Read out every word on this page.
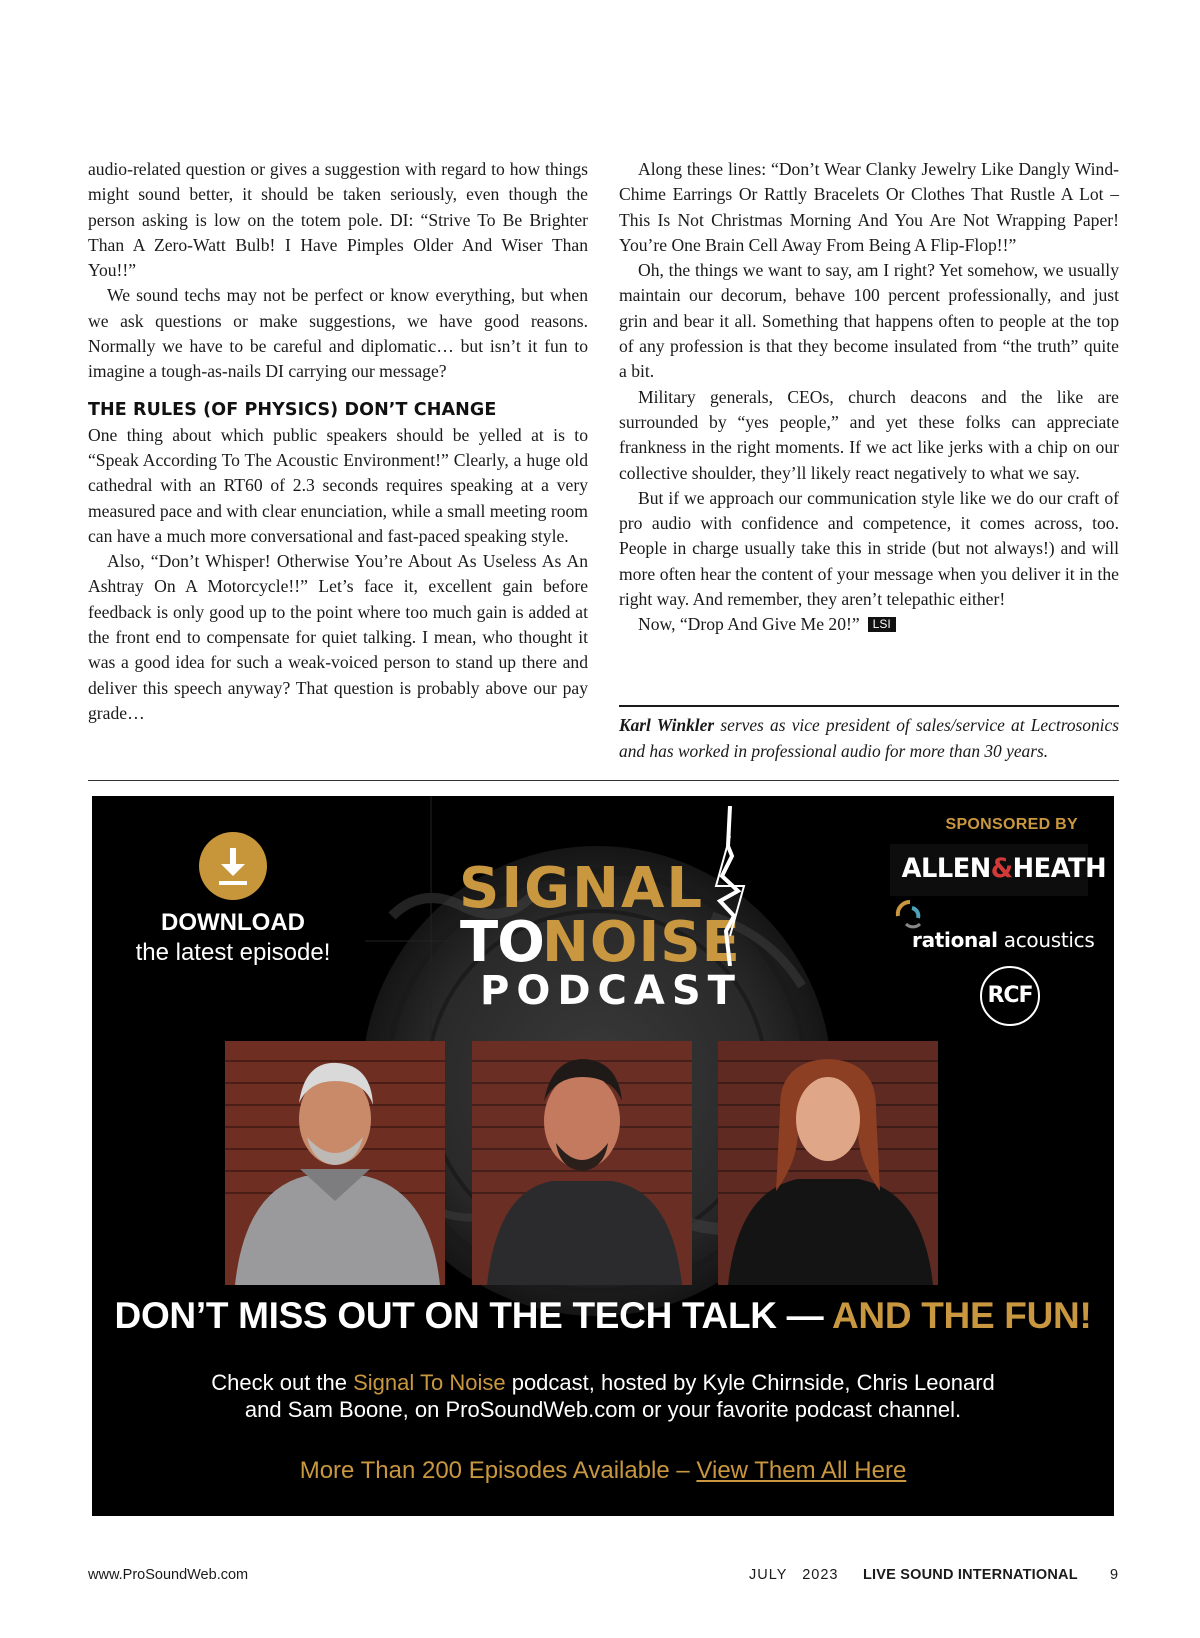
audio-related question or gives a suggestion with regard to how things might sound better, it should be taken seriously, even though the person asking is low on the totem pole. DI: “Strive To Be Brighter Than A Zero-Watt Bulb! I Have Pimples Older And Wiser Than You!!”

We sound techs may not be perfect or know everything, but when we ask questions or make suggestions, we have good reasons. Normally we have to be careful and diplomatic… but isn’t it fun to imagine a tough-as-nails DI carrying our message?

THE RULES (OF PHYSICS) DON’T CHANGE

One thing about which public speakers should be yelled at is to “Speak According To The Acoustic Environment!” Clearly, a huge old cathedral with an RT60 of 2.3 seconds requires speaking at a very measured pace and with clear enunciation, while a small meeting room can have a much more conversational and fast-paced speaking style.

Also, “Don’t Whisper! Otherwise You’re About As Useless As An Ashtray On A Motorcycle!!” Let’s face it, excellent gain before feedback is only good up to the point where too much gain is added at the front end to compensate for quiet talking. I mean, who thought it was a good idea for such a weak-voiced person to stand up there and deliver this speech anyway? That question is probably above our pay grade…

Along these lines: “Don’t Wear Clanky Jewelry Like Dangly Wind-Chime Earrings Or Rattly Bracelets Or Clothes That Rustle A Lot – This Is Not Christmas Morning And You Are Not Wrapping Paper! You’re One Brain Cell Away From Being A Flip-Flop!!”

Oh, the things we want to say, am I right? Yet somehow, we usually maintain our decorum, behave 100 percent professionally, and just grin and bear it all. Something that happens often to people at the top of any profession is that they become insulated from “the truth” quite a bit.

Military generals, CEOs, church deacons and the like are surrounded by “yes people,” and yet these folks can appreciate frankness in the right moments. If we act like jerks with a chip on our collective shoulder, they’ll likely react negatively to what we say.

But if we approach our communication style like we do our craft of pro audio with confidence and competence, it comes across, too. People in charge usually take this in stride (but not always!) and will more often hear the content of your message when you deliver it in the right way. And remember, they aren’t telepathic either!

Now, “Drop And Give Me 20!” LSI

Karl Winkler serves as vice president of sales/service at Lectrosonics and has worked in professional audio for more than 30 years.
DOWNLOAD
the latest episode!
SIGNAL
TO
NOISE
PODCAST
SPONSORED BY
ALLEN&HEATH
rational acoustics
RCF
DON’T MISS OUT ON THE TECH TALK — AND THE FUN!
Check out the Signal To Noise podcast, hosted by Kyle Chirnside, Chris Leonard
and Sam Boone, on ProSoundWeb.com or your favorite podcast channel.
More Than 200 Episodes Available – View Them All Here
www.ProSoundWeb.com	JULY   2023 LIVE SOUND INTERNATIONAL 9
